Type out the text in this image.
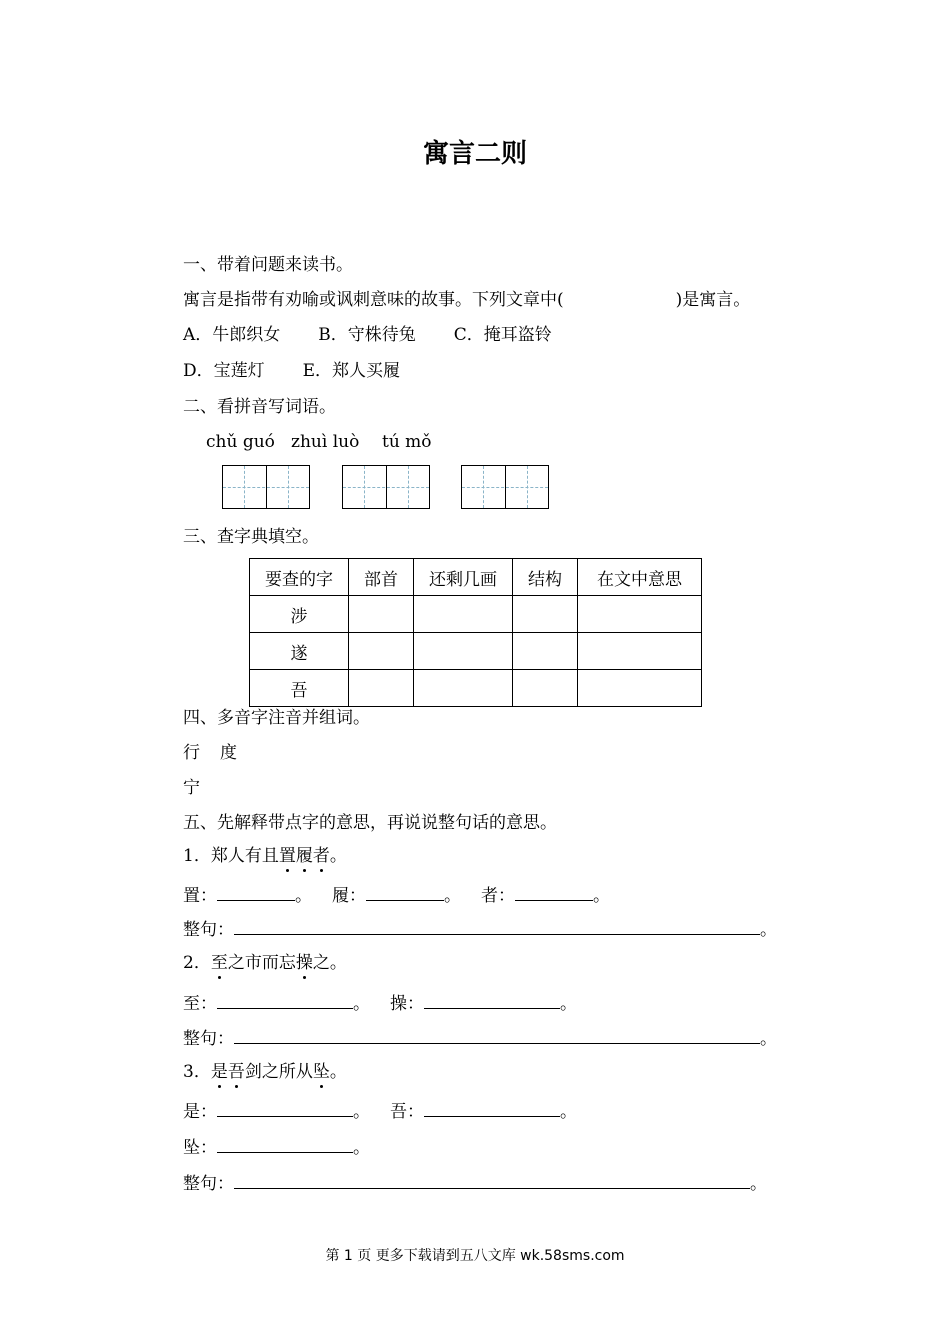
寓言二则
一、带着问题来读书。
寓言是指带有劝喻或讽刺意味的故事。下列文章中(	)是寓言。
A．牛郎织女 B．守株待兔 C．掩耳盗铃
D．宝莲灯 E．郑人买履
二、看拼音写词语。
chǔ guó zhuì luò tú mǒ
三、查字典填空。
要查的字	部首	还剩几画	结构	在文中意思
涉				
遂				
吾				
四、多音字注音并组词。
行 度
宁
五、先解释带点字的意思，再说说整句话的意思。
1．郑人有且置履者。
置：	。 履：	。 者：	。
整句：	。
2．至之市而忘操之。
至：	。 操：	。
整句：	。
3．是吾剑之所从坠。
是：	。 吾：	。
坠：	。
整句：	。
第 1 页 更多下载请到五八文库 wk.58sms.com
